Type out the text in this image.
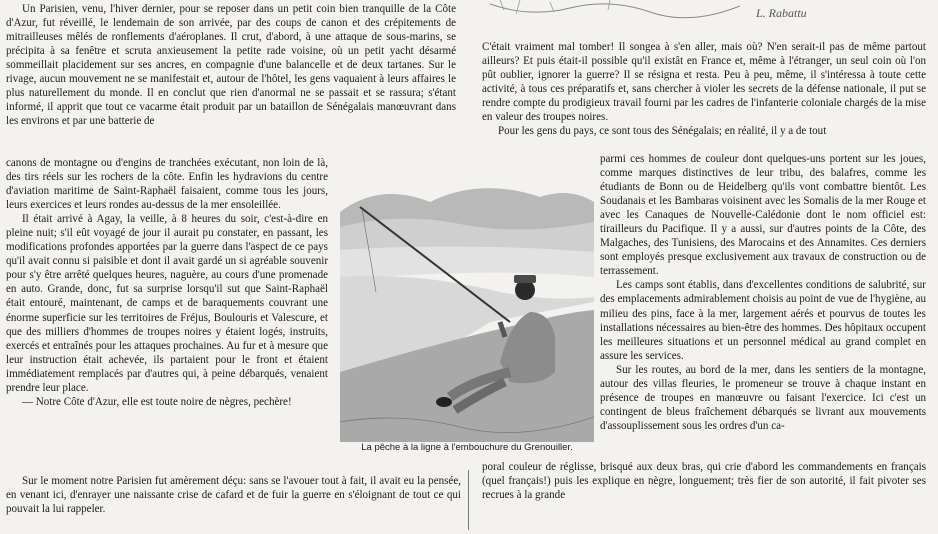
L. Rabattu

Un Parisien, venu, l'hiver dernier, pour se reposer dans un petit coin bien tranquille de la Côte d'Azur, fut réveillé, le lendemain de son arrivée, par des coups de canon et des crépitements de mitrailleuses mêlés de ronflements d'aéroplanes. Il crut, d'abord, à une attaque de sous-marins, se précipita à sa fenêtre et scruta anxieusement la petite rade voisine, où un petit yacht désarmé sommeillait placidement sur ses ancres, en compagnie d'une balancelle et de deux tartanes. Sur le rivage, aucun mouvement ne se manifestait et, autour de l'hôtel, les gens vaquaient à leurs affaires le plus naturellement du monde. Il en conclut que rien d'anormal ne se passait et se rassura; s'étant informé, il apprit que tout ce vacarme était produit par un bataillon de Sénégalais manœuvrant dans les environs et par une batterie de

canons de montagne ou d'engins de tranchées exécutant, non loin de là, des tirs réels sur les rochers de la côte. Enfin les hydravions du centre d'aviation maritime de Saint-Raphaël faisaient, comme tous les jours, leurs exercices et leurs rondes au-dessus de la mer ensoleillée.

Il était arrivé à Agay, la veille, à 8 heures du soir, c'est-à-dire en pleine nuit; s'il eût voyagé de jour il aurait pu constater, en passant, les modifications profondes apportées par la guerre dans l'aspect de ce pays qu'il avait connu si paisible et dont il avait gardé un si agréable souvenir pour s'y être arrêté quelques heures, naguère, au cours d'une promenade en auto. Grande, donc, fut sa surprise lorsqu'il sut que Saint-Raphaël était entouré, maintenant, de camps et de baraquements couvrant une énorme superficie sur les territoires de Fréjus, Boulouris et Valescure, et que des milliers d'hommes de troupes noires y étaient logés, instruits, exercés et entraînés pour les attaques prochaines. Au fur et à mesure que leur instruction était achevée, ils partaient pour le front et étaient immédiatement remplacés par d'autres qui, à peine débarqués, venaient prendre leur place.

— Notre Côte d'Azur, elle est toute noire de nègres, pechère!

Sur le moment notre Parisien fut amèrement déçu: sans se l'avouer tout à fait, il avait eu la pensée, en venant ici, d'enrayer une naissante crise de cafard et de fuir la guerre en s'éloignant de tout ce qui pouvait la lui rappeler.

C'était vraiment mal tomber! Il songea à s'en aller, mais où? N'en serait-il pas de même partout ailleurs? Et puis était-il possible qu'il existât en France et, même à l'étranger, un seul coin où l'on pût oublier, ignorer la guerre? Il se résigna et resta. Peu à peu, même, il s'intéressa à toute cette activité, à tous ces préparatifs et, sans chercher à violer les secrets de la défense nationale, il put se rendre compte du prodigieux travail fourni par les cadres de l'infanterie coloniale chargés de la mise en valeur des troupes noires.

Pour les gens du pays, ce sont tous des Sénégalais; en réalité, il y a de tout

parmi ces hommes de couleur dont quelques-uns portent sur les joues, comme marques distinctives de leur tribu, des balafres, comme les étudiants de Bonn ou de Heidelberg qu'ils vont combattre bientôt. Les Soudanais et les Bambaras voisinent avec les Somalis de la mer Rouge et avec les Canaques de Nouvelle-Calédonie dont le nom officiel est: tirailleurs du Pacifique. Il y a aussi, sur d'autres points de la Côte, des Malgaches, des Tunisiens, des Marocains et des Annamites. Ces derniers sont employés presque exclusivement aux travaux de construction ou de terrassement.

Les camps sont établis, dans d'excellentes conditions de salubrité, sur des emplacements admirablement choisis au point de vue de l'hygiène, au milieu des pins, face à la mer, largement aérés et pourvus de toutes les installations nécessaires au bien-être des hommes. Des hôpitaux occupent les meilleures situations et un personnel médical au grand complet en assure les services.

Sur les routes, au bord de la mer, dans les sentiers de la montagne, autour des villas fleuries, le promeneur se trouve à chaque instant en présence de troupes en manœuvre ou faisant l'exercice. Ici c'est un contingent de bleus fraîchement débarqués se livrant aux mouvements d'assouplissement sous les ordres d'un ca-

poral couleur de réglisse, brisqué aux deux bras, qui crie d'abord les commandements en français (quel français!) puis les explique en nègre, longuement; très fier de son autorité, il fait pivoter ses recrues à la grande

La pêche à la ligne à l'embouchure du Grenouiller.
